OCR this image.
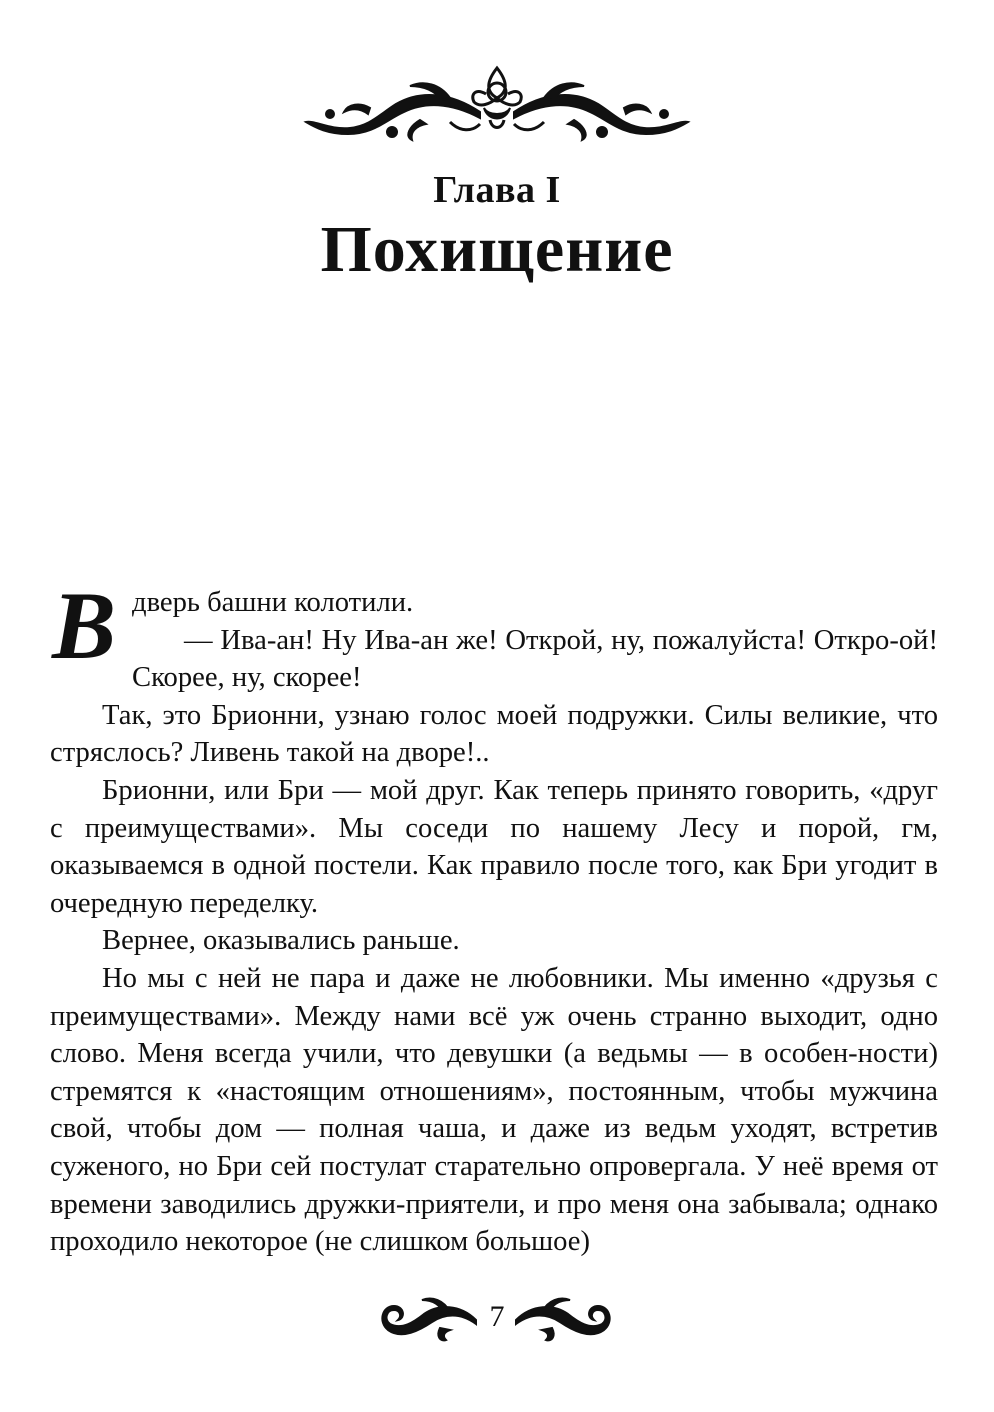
Глава I
Похищение

Вдверь башни колотили.

— Ива-ан! Ну Ива-ан же! Открой, ну, пожалуйста! Откро-ой! Скорее, ну, скорее!

Так, это Брионни, узнаю голос моей подружки. Силы великие, что стряслось? Ливень такой на дворе!..

Брионни, или Бри — мой друг. Как теперь принято говорить, «друг с преимуществами». Мы соседи по нашему Лесу и порой, гм, оказываемся в одной постели. Как правило после того, как Бри угодит в очередную переделку.

Вернее, оказывались раньше.

Но мы с ней не пара и даже не любовники. Мы именно «друзья с преимуществами». Между нами всё уж очень странно выходит, одно слово. Меня всегда учили, что девушки (а ведьмы — в особен-ности) стремятся к «настоящим отношениям», постоянным, чтобы мужчина свой, чтобы дом — полная чаша, и даже из ведьм уходят, встретив суженого, но Бри сей постулат старательно опровергала. У неё время от времени заводились дружки-приятели, и про меня она забывала; однако проходило некоторое (не слишком большое)

7
